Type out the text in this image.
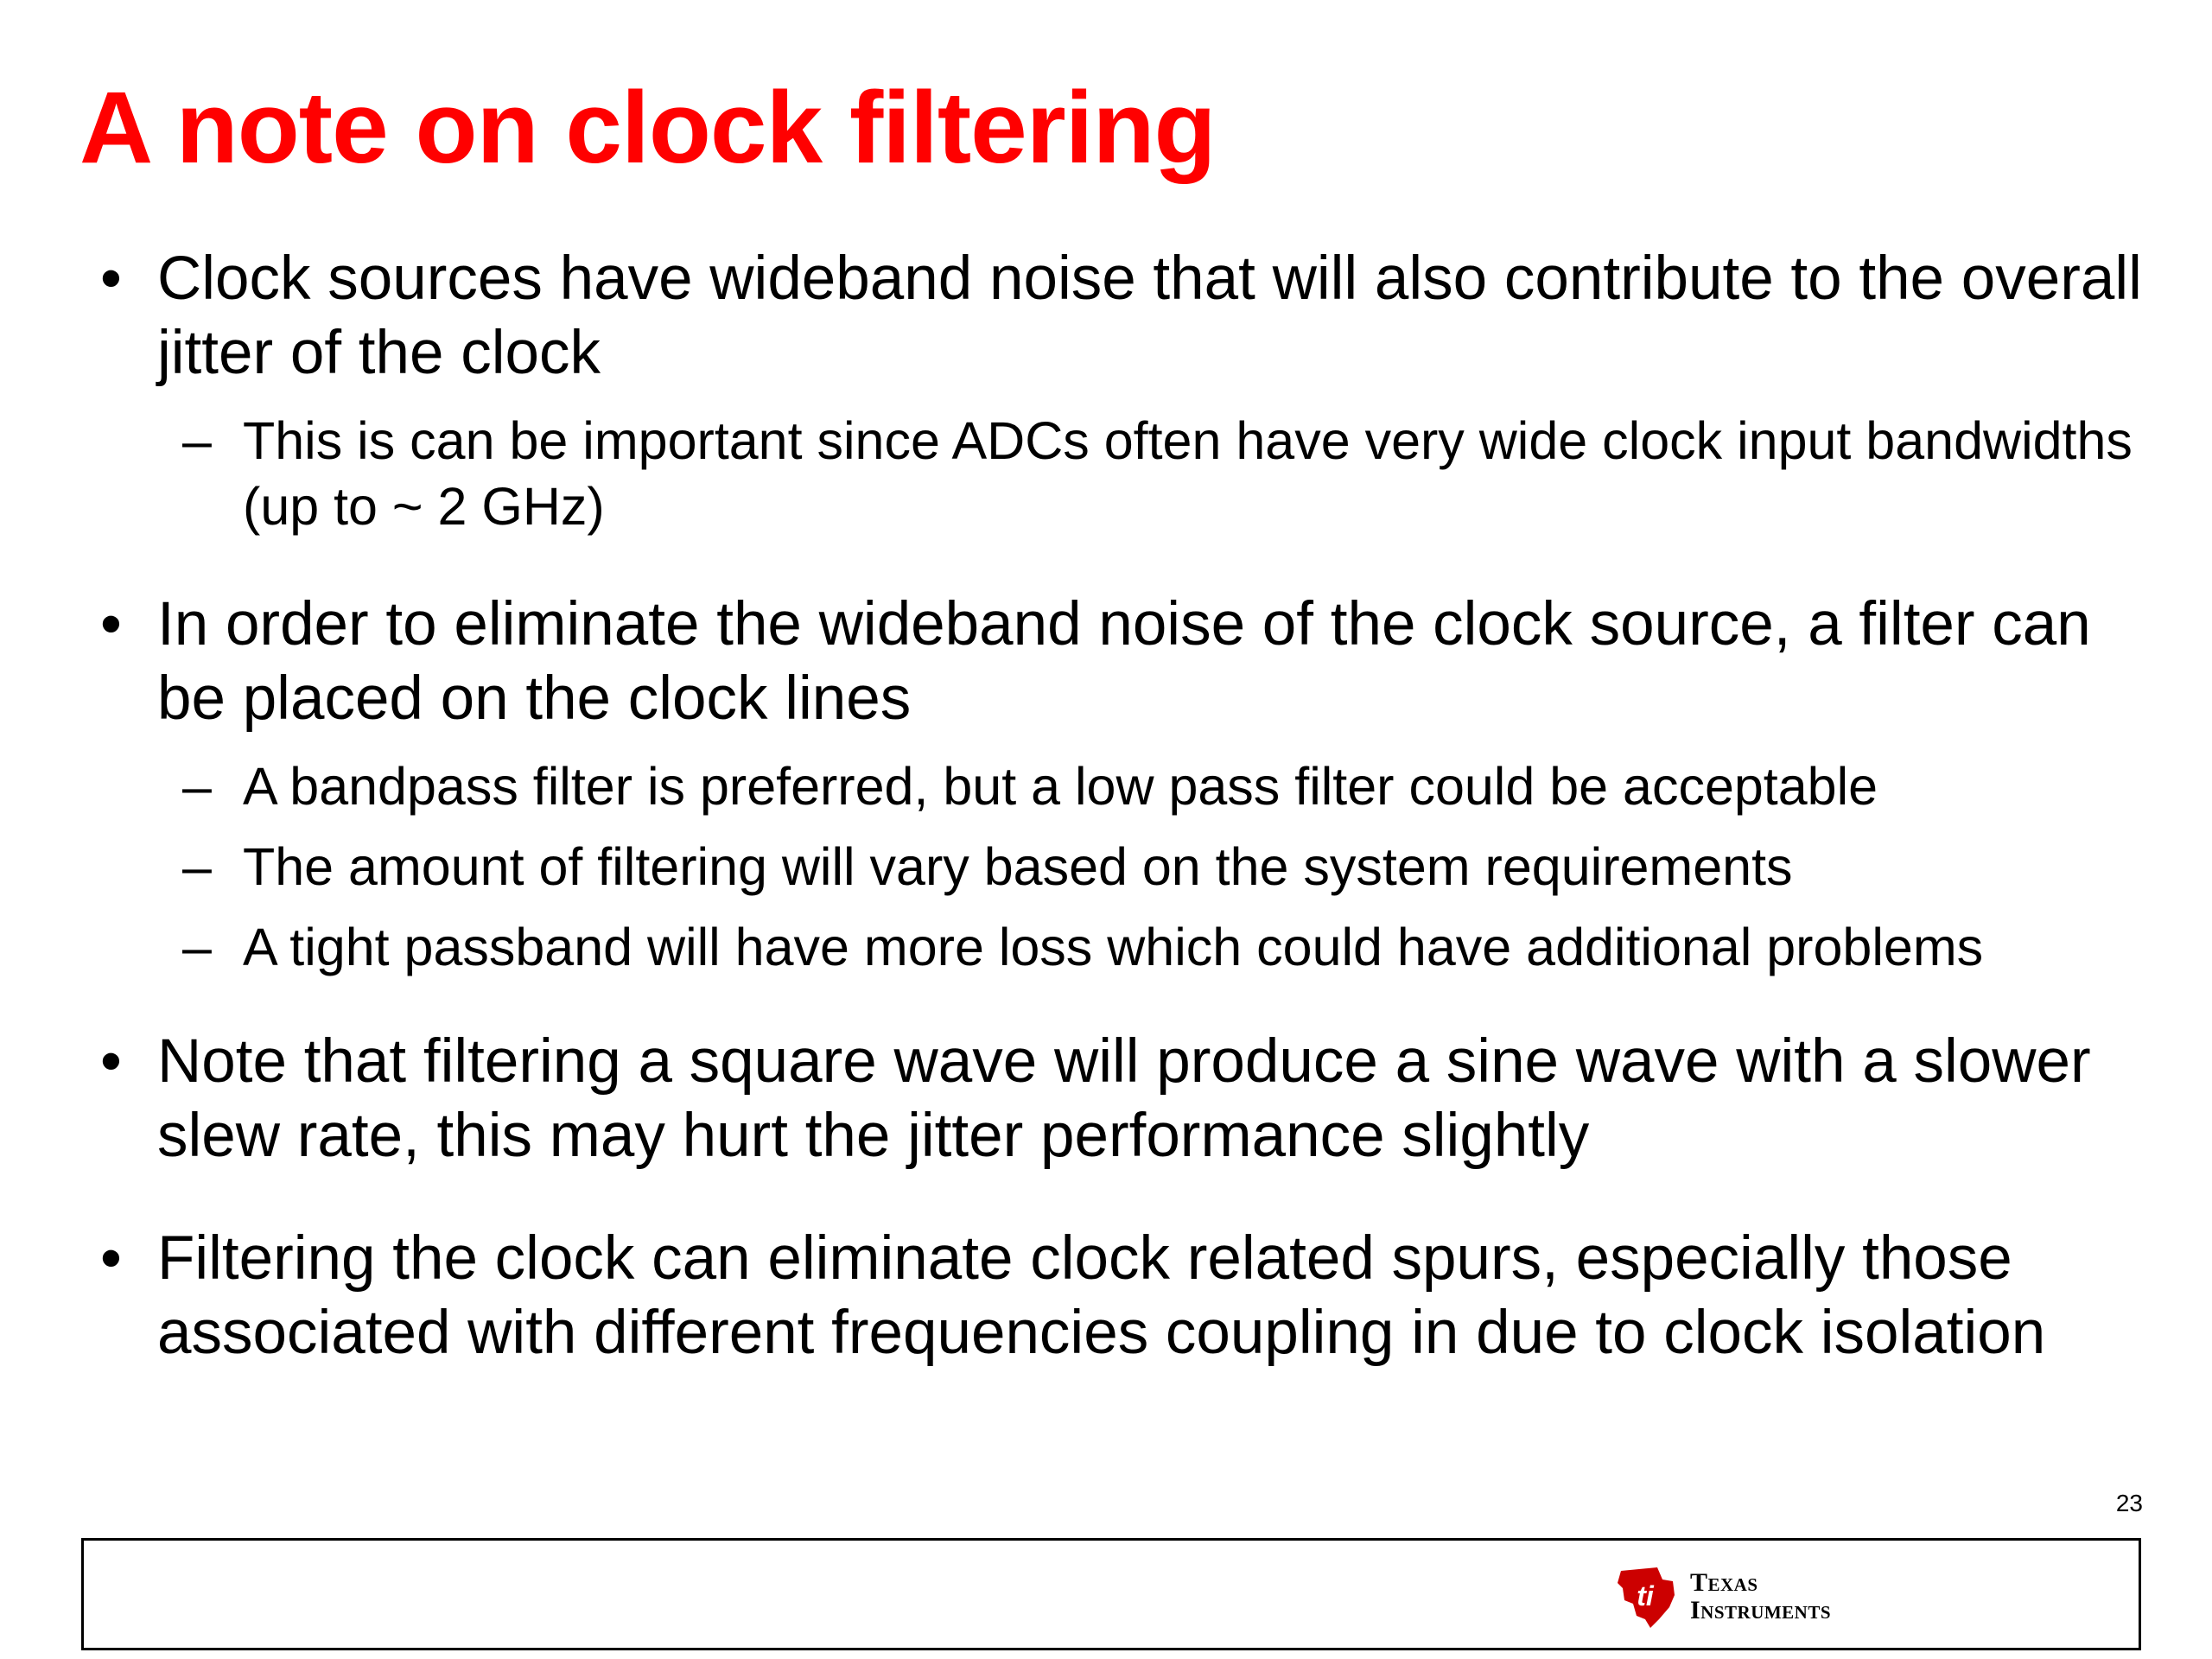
A note on clock filtering
• Clock sources have wideband noise that will also contribute to the overall jitter of the clock
– This is can be important since ADCs often have very wide clock input bandwidths (up to ~ 2 GHz)
• In order to eliminate the wideband noise of the clock source, a filter can be placed on the clock lines
– A bandpass filter is preferred, but a low pass filter could be acceptable
– The amount of filtering will vary based on the system requirements
– A tight passband will have more loss which could have additional problems
• Note that filtering a square wave will produce a sine wave with a slower slew rate, this may hurt the jitter performance slightly
• Filtering the clock can eliminate clock related spurs, especially those associated with different frequencies coupling in due to clock isolation
23
ti Texas
Instruments
